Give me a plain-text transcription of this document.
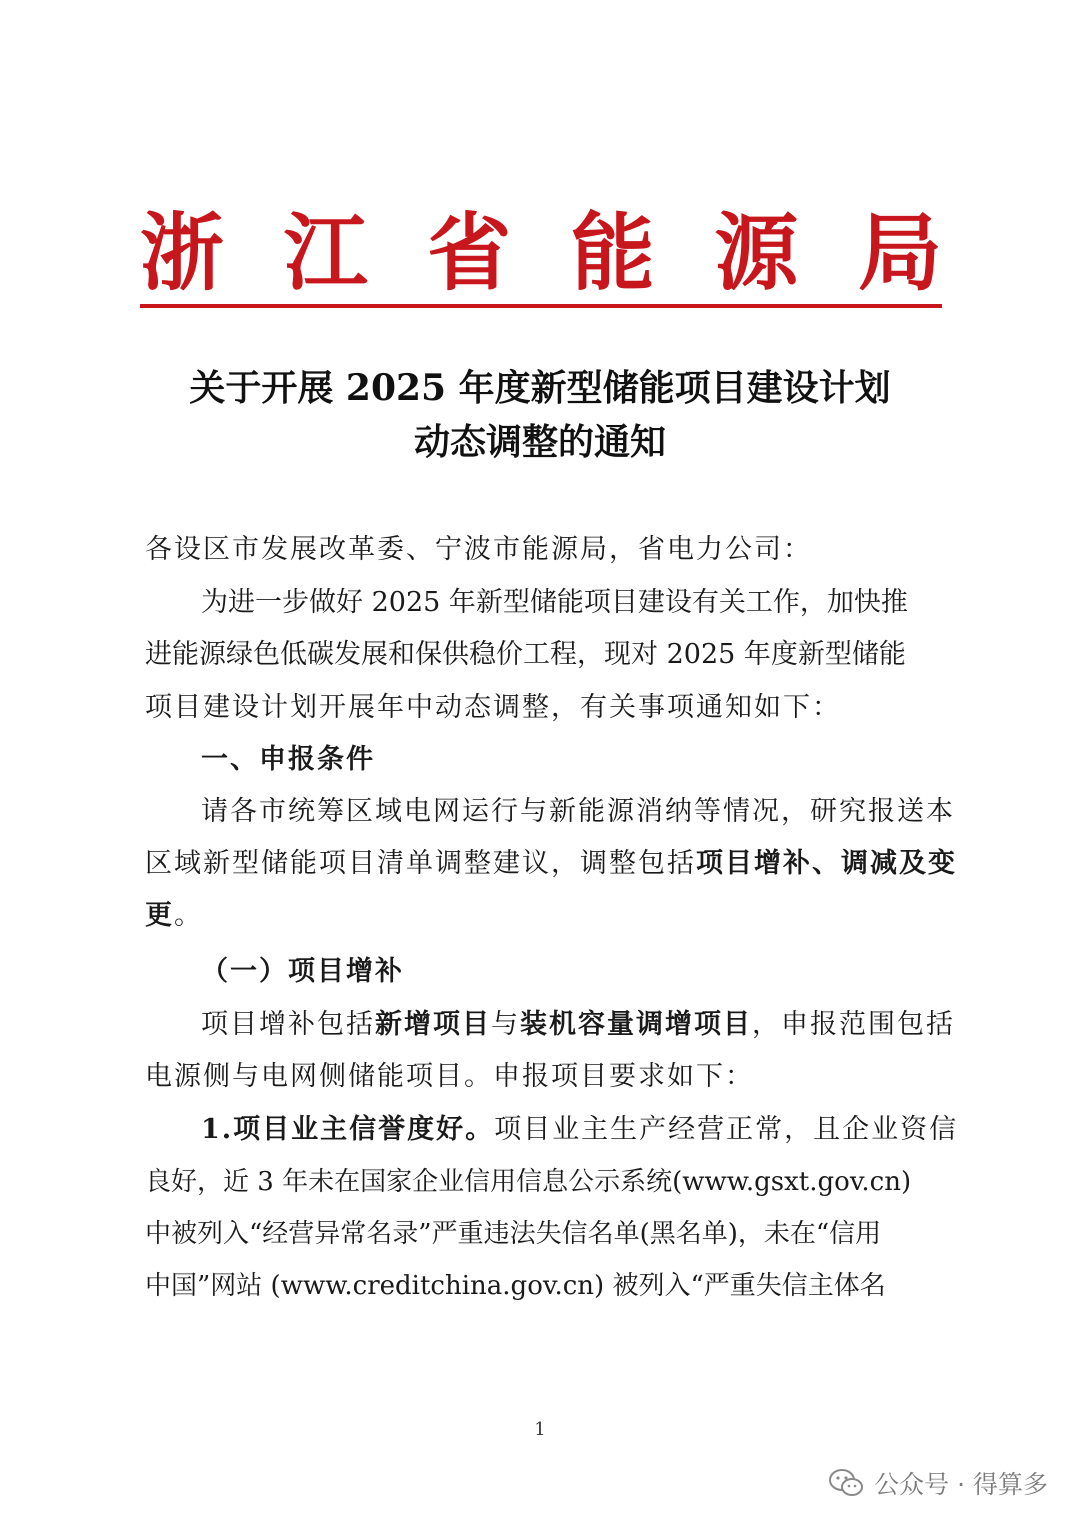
浙 江 省 能 源 局
关于开展 2025 年度新型储能项目建设计划
动态调整的通知
各设区市发展改革委、宁波市能源局，省电力公司：
为进一步做好 2025 年新型储能项目建设有关工作，加快推
进能源绿色低碳发展和保供稳价工程，现对 2025 年度新型储能
项目建设计划开展年中动态调整，有关事项通知如下：
一、申报条件
请各市统筹区域电网运行与新能源消纳等情况，研究报送本
区域新型储能项目清单调整建议，调整包括项目增补、调减及变
更。
（一）项目增补
项目增补包括新增项目与装机容量调增项目，申报范围包括
电源侧与电网侧储能项目。申报项目要求如下：
1.项目业主信誉度好。项目业主生产经营正常，且企业资信
良好，近 3 年未在国家企业信用信息公示系统(www.gsxt.gov.cn)
中被列入“经营异常名录”严重违法失信名单(黑名单)，未在“信用
中国”网站 (www.creditchina.gov.cn) 被列入“严重失信主体名
1
公众号 · 得算多
